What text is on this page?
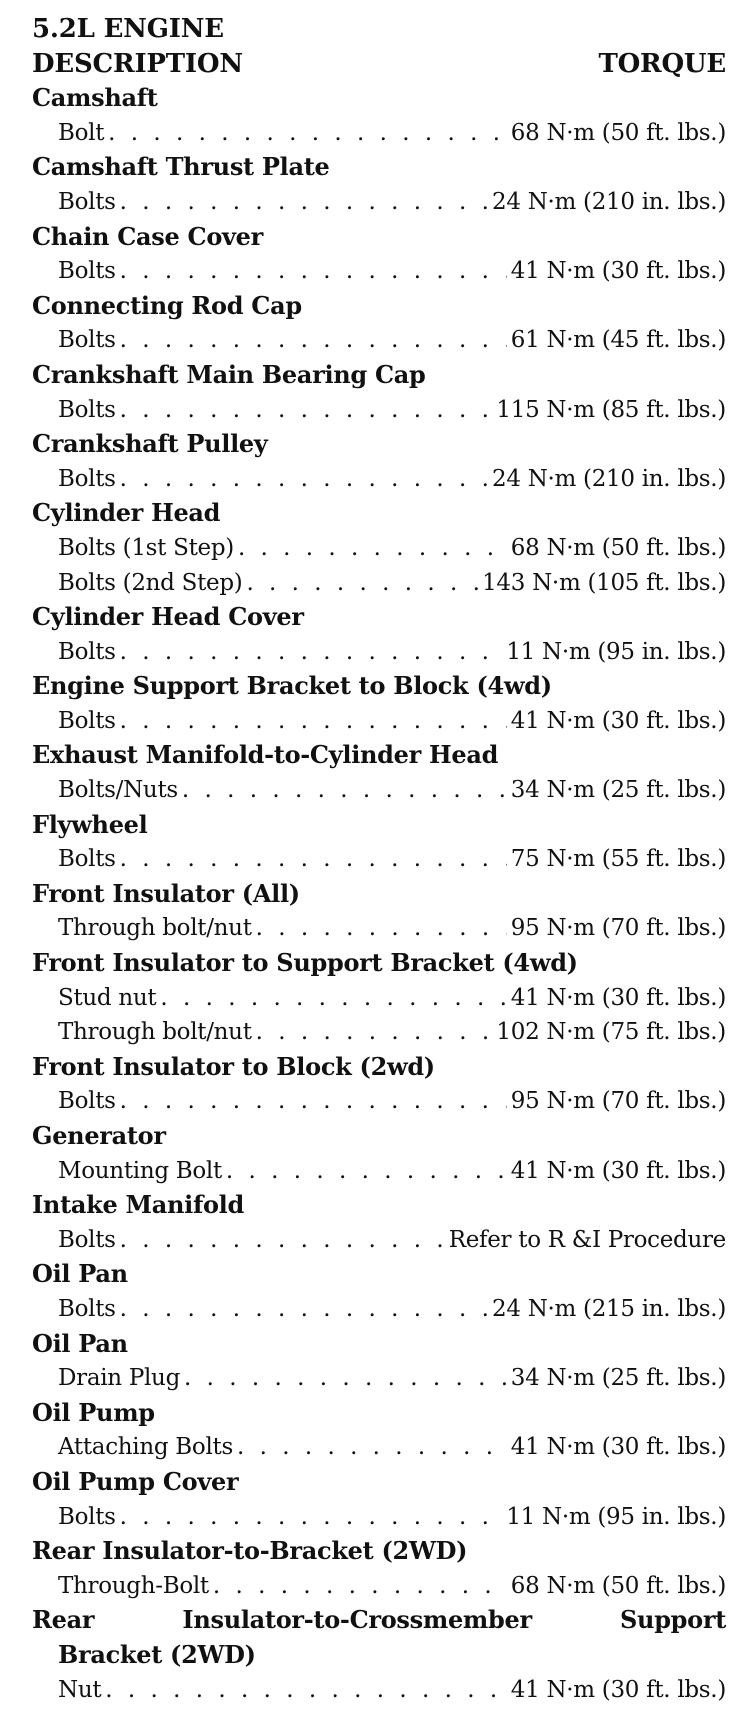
5.2L ENGINE
DESCRIPTION	TORQUE
Camshaft
Bolt . . .	68 N·m (50 ft. lbs.)
Camshaft Thrust Plate
Bolts . . .	24 N·m (210 in. lbs.)
Chain Case Cover
Bolts . . .	41 N·m (30 ft. lbs.)
Connecting Rod Cap
Bolts . . .	61 N·m (45 ft. lbs.)
Crankshaft Main Bearing Cap
Bolts . . .	115 N·m (85 ft. lbs.)
Crankshaft Pulley
Bolts . . .	24 N·m (210 in. lbs.)
Cylinder Head
Bolts (1st Step) . . .	68 N·m (50 ft. lbs.)
Bolts (2nd Step) . . .	143 N·m (105 ft. lbs.)
Cylinder Head Cover
Bolts . . .	11 N·m (95 in. lbs.)
Engine Support Bracket to Block (4wd)
Bolts . . .	41 N·m (30 ft. lbs.)
Exhaust Manifold-to-Cylinder Head
Bolts/Nuts . . .	34 N·m (25 ft. lbs.)
Flywheel
Bolts . . .	75 N·m (55 ft. lbs.)
Front Insulator (All)
Through bolt/nut . . .	95 N·m (70 ft. lbs.)
Front Insulator to Support Bracket (4wd)
Stud nut . . .	41 N·m (30 ft. lbs.)
Through bolt/nut . . .	102 N·m (75 ft. lbs.)
Front Insulator to Block (2wd)
Bolts . . .	95 N·m (70 ft. lbs.)
Generator
Mounting Bolt . . .	41 N·m (30 ft. lbs.)
Intake Manifold
Bolts . . .	Refer to R &I Procedure
Oil Pan
Bolts . . .	24 N·m (215 in. lbs.)
Oil Pan
Drain Plug . . .	34 N·m (25 ft. lbs.)
Oil Pump
Attaching Bolts . . .	41 N·m (30 ft. lbs.)
Oil Pump Cover
Bolts . . .	11 N·m (95 in. lbs.)
Rear Insulator-to-Bracket (2WD)
Through-Bolt . . .	68 N·m (50 ft. lbs.)
Rear	Insulator-to-Crossmember	Support
Bracket (2WD)
Nut . . .	41 N·m (30 ft. lbs.)
